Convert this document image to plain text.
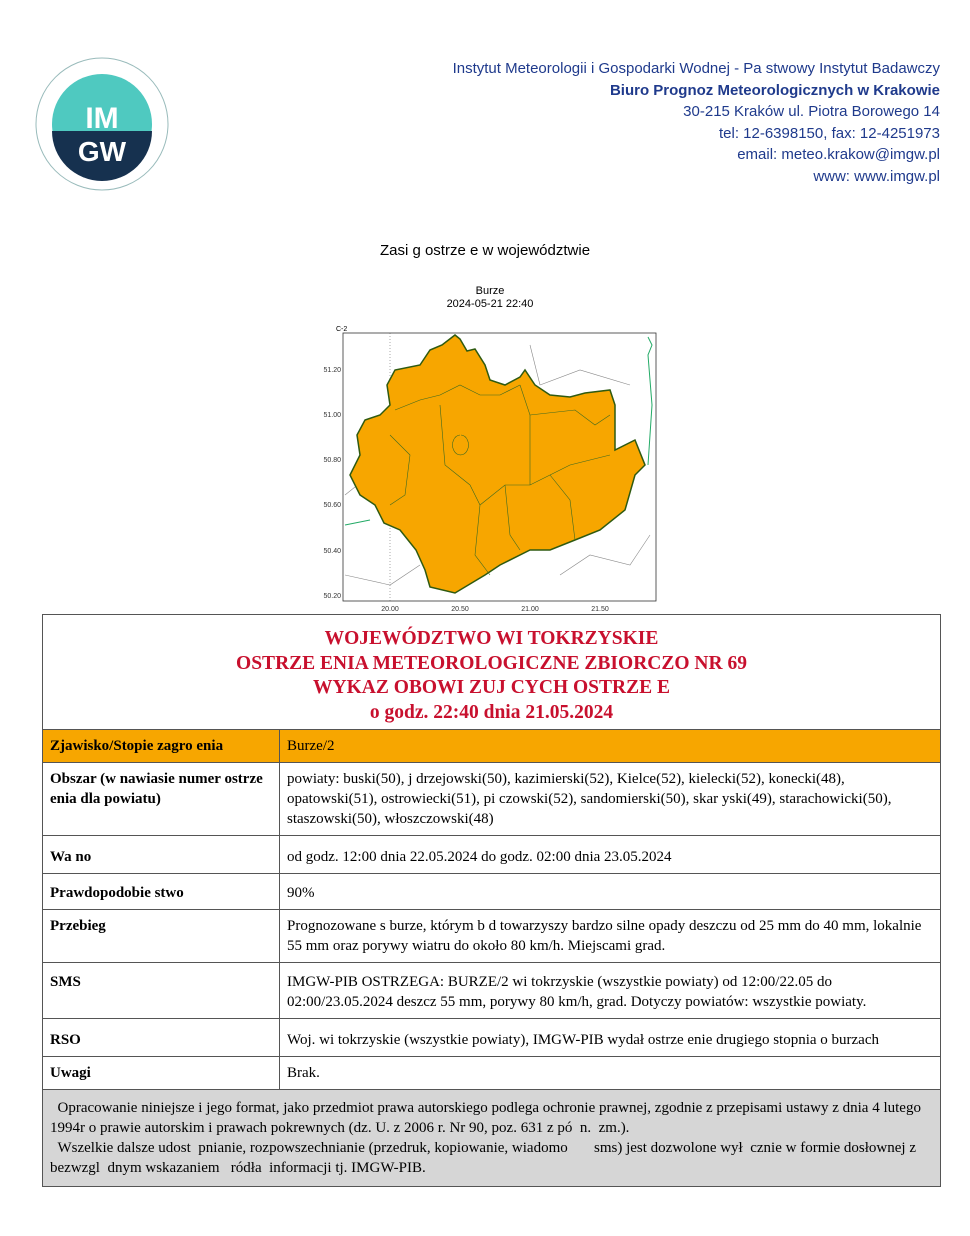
IM
GW
Instytut Meteorologii i Gospodarki Wodnej - Pa stwowy Instytut Badawczy
Biuro Prognoz Meteorologicznych w Krakowie
30-215 Kraków ul. Piotra Borowego 14
tel: 12-6398150, fax: 12-4251973
email: meteo.krakow@imgw.pl
www: www.imgw.pl
Zasi g ostrze e w województwie
Burze
2024-05-21 22:40
C-2
51.20
51.00
50.80
50.60
50.40
50.20
20.00	20.50	21.00	21.50
WOJEWÓDZTWO WI TOKRZYSKIE
OSTRZE ENIA METEOROLOGICZNE ZBIORCZO NR 69
WYKAZ OBOWI ZUJ CYCH OSTRZE E
o godz. 22:40 dnia 21.05.2024	

Zjawisko/Stopie zagro enia	Burze/2
Obszar (w nawiasie numer ostrze enia dla powiatu)	powiaty: buski(50), j drzejowski(50), kazimierski(52), Kielce(52), kielecki(52), konecki(48), opatowski(51), ostrowiecki(51), pi czowski(52), sandomierski(50), skar yski(49), starachowicki(50), staszowski(50), włoszczowski(48)
Wa no	od godz. 12:00 dnia 22.05.2024 do godz. 02:00 dnia 23.05.2024
Prawdopodobie stwo	90%
Przebieg	Prognozowane s burze, którym b d towarzyszy bardzo silne opady deszczu od 25 mm do 40 mm, lokalnie 55 mm oraz porywy wiatru do około 80 km/h. Miejscami grad.
SMS	IMGW-PIB OSTRZEGA: BURZE/2 wi tokrzyskie (wszystkie powiaty) od 12:00/22.05 do 02:00/23.05.2024 deszcz 55 mm, porywy 80 km/h, grad. Dotyczy powiatów: wszystkie powiaty.
RSO	Woj. wi tokrzyskie (wszystkie powiaty), IMGW-PIB wydał ostrze enie drugiego stopnia o burzach
Uwagi	Brak.

Opracowanie niniejsze i jego format, jako przedmiot prawa autorskiego podlega ochronie prawnej, zgodnie z przepisami ustawy z dnia 4 lutego 1994r o prawie autorskim i prawach pokrewnych (dz. U. z 2006 r. Nr 90, poz. 631 z pó  n.  zm.).
Wszelkie dalsze udost  pnianie, rozpowszechnianie (przedruk, kopiowanie, wiadomo       sms) jest dozwolone wył  cznie w formie dosłownej z bezwzgl  dnym wskazaniem   ródła  informacji tj. IMGW-PIB.	
